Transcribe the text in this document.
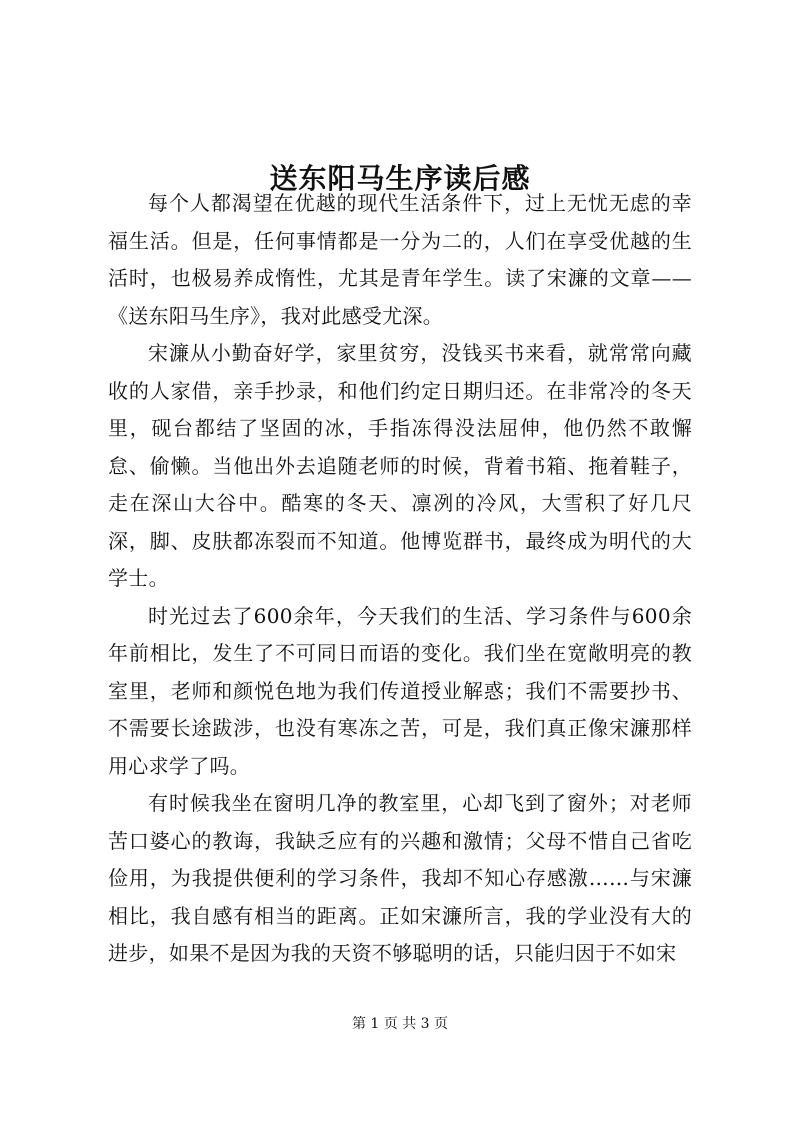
送东阳马生序读后感

每个人都渴望在优越的现代生活条件下，过上无忧无虑的幸福生活。但是，任何事情都是一分为二的，人们在享受优越的生活时，也极易养成惰性，尤其是青年学生。读了宋濂的文章——《送东阳马生序》，我对此感受尤深。

宋濂从小勤奋好学，家里贫穷，没钱买书来看，就常常向藏收的人家借，亲手抄录，和他们约定日期归还。在非常冷的冬天里，砚台都结了坚固的冰，手指冻得没法屈伸，他仍然不敢懈怠、偷懒。当他出外去追随老师的时候，背着书箱、拖着鞋子，走在深山大谷中。酷寒的冬天、凛冽的冷风，大雪积了好几尺深，脚、皮肤都冻裂而不知道。他博览群书，最终成为明代的大学士。

时光过去了600余年，今天我们的生活、学习条件与600余年前相比，发生了不可同日而语的变化。我们坐在宽敞明亮的教室里，老师和颜悦色地为我们传道授业解惑；我们不需要抄书、不需要长途跋涉，也没有寒冻之苦，可是，我们真正像宋濂那样用心求学了吗。

有时候我坐在窗明几净的教室里，心却飞到了窗外；对老师苦口婆心的教诲，我缺乏应有的兴趣和激情；父母不惜自己省吃俭用，为我提供便利的学习条件，我却不知心存感激……与宋濂相比，我自感有相当的距离。正如宋濂所言，我的学业没有大的进步，如果不是因为我的天资不够聪明的话，只能归因于不如宋

第 1 页 共 3 页
